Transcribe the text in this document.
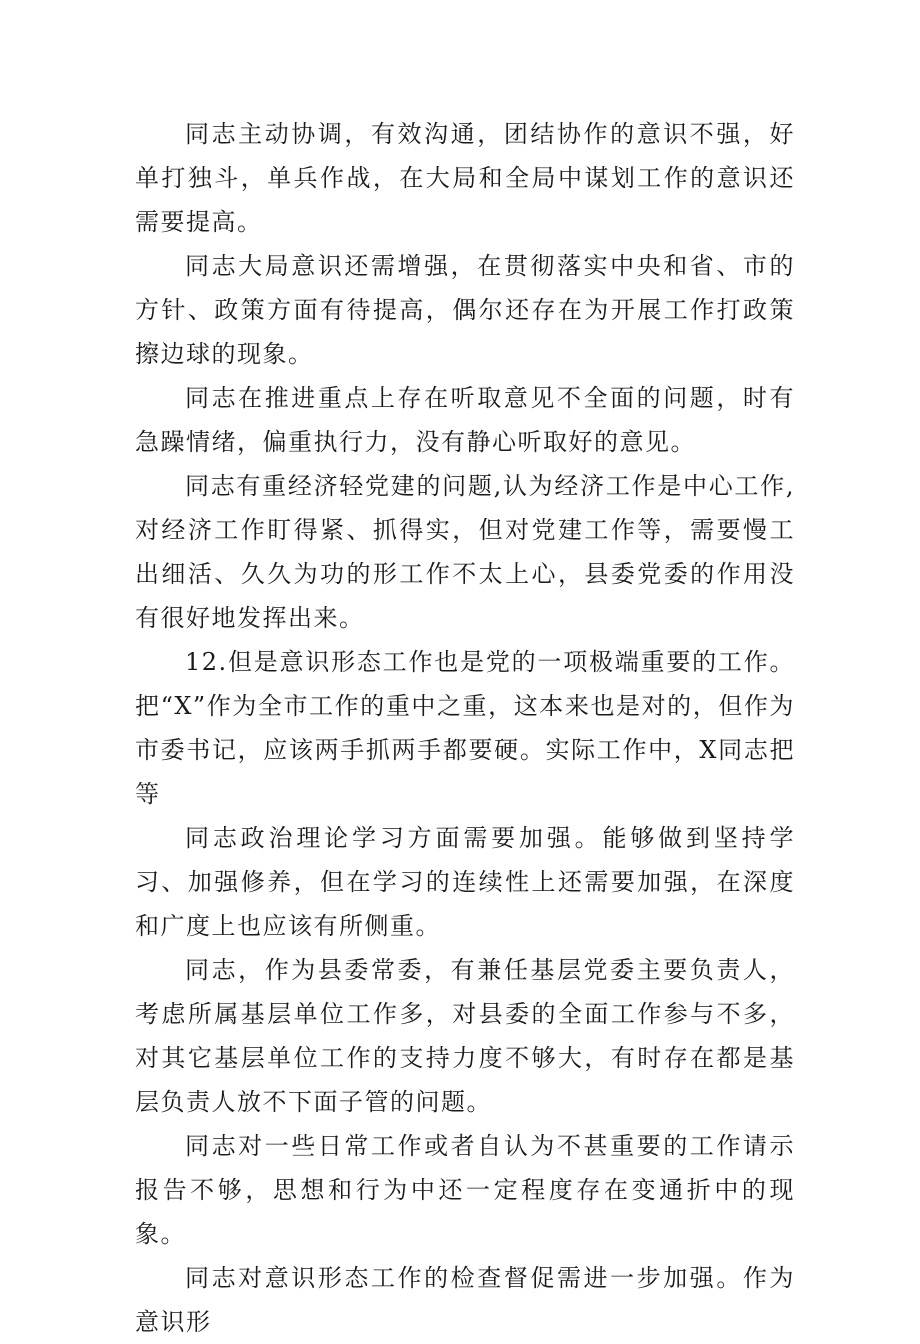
同志主动协调，有效沟通，团结协作的意识不强，好单打独斗，单兵作战，在大局和全局中谋划工作的意识还需要提高。

同志大局意识还需增强，在贯彻落实中央和省、市的方针、政策方面有待提高，偶尔还存在为开展工作打政策擦边球的现象。

同志在推进重点上存在听取意见不全面的问题，时有急躁情绪，偏重执行力，没有静心听取好的意见。

同志有重经济轻党建的问题,认为经济工作是中心工作,对经济工作盯得紧、抓得实，但对党建工作等，需要慢工出细活、久久为功的形工作不太上心，县委党委的作用没有很好地发挥出来。

12.但是意识形态工作也是党的一项极端重要的工作。把“X”作为全市工作的重中之重，这本来也是对的，但作为市委书记，应该两手抓两手都要硬。实际工作中，X同志把等

同志政治理论学习方面需要加强。能够做到坚持学习、加强修养，但在学习的连续性上还需要加强，在深度和广度上也应该有所侧重。

同志，作为县委常委，有兼任基层党委主要负责人，考虑所属基层单位工作多，对县委的全面工作参与不多，对其它基层单位工作的支持力度不够大，有时存在都是基层负责人放不下面子管的问题。

同志对一些日常工作或者自认为不甚重要的工作请示报告不够，思想和行为中还一定程度存在变通折中的现象。

同志对意识形态工作的检查督促需进一步加强。作为意识形
